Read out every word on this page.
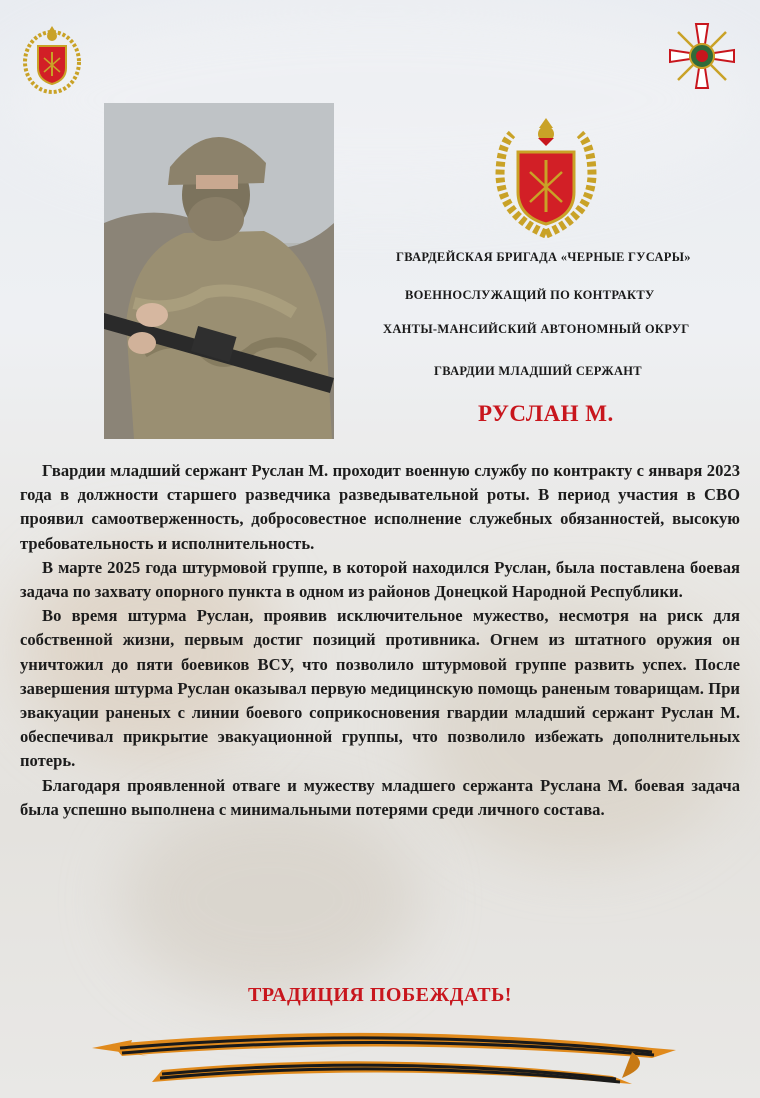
ГВАРДЕЙСКАЯ БРИГАДА «ЧЕРНЫЕ ГУСАРЫ»
ВОЕННОСЛУЖАЩИЙ ПО КОНТРАКТУ
ХАНТЫ-МАНСИЙСКИЙ АВТОНОМНЫЙ ОКРУГ
ГВАРДИИ МЛАДШИЙ СЕРЖАНТ
РУСЛАН М.

Гвардии младший сержант Руслан М. проходит военную службу по контракту с января 2023 года в должности старшего разведчика разведывательной роты. В период участия в СВО проявил самоотверженность, добросовестное исполнение служебных обязанностей, высокую требовательность и исполнительность.

В марте 2025 года штурмовой группе, в которой находился Руслан, была поставлена боевая задача по захвату опорного пункта в одном из районов Донецкой Народной Республики.

Во время штурма Руслан, проявив исключительное мужество, несмотря на риск для собственной жизни, первым достиг позиций противника. Огнем из штатного оружия он уничтожил до пяти боевиков ВСУ, что позволило штурмовой группе развить успех. После завершения штурма Руслан оказывал первую медицинскую помощь раненым товарищам. При эвакуации раненых с линии боевого соприкосновения гвардии младший сержант Руслан М. обеспечивал прикрытие эвакуационной группы, что позволило избежать дополнительных потерь.

Благодаря проявленной отваге и мужеству младшего сержанта Руслана М. боевая задача была успешно выполнена с минимальными потерями среди личного состава.

ТРАДИЦИЯ ПОБЕЖДАТЬ!
